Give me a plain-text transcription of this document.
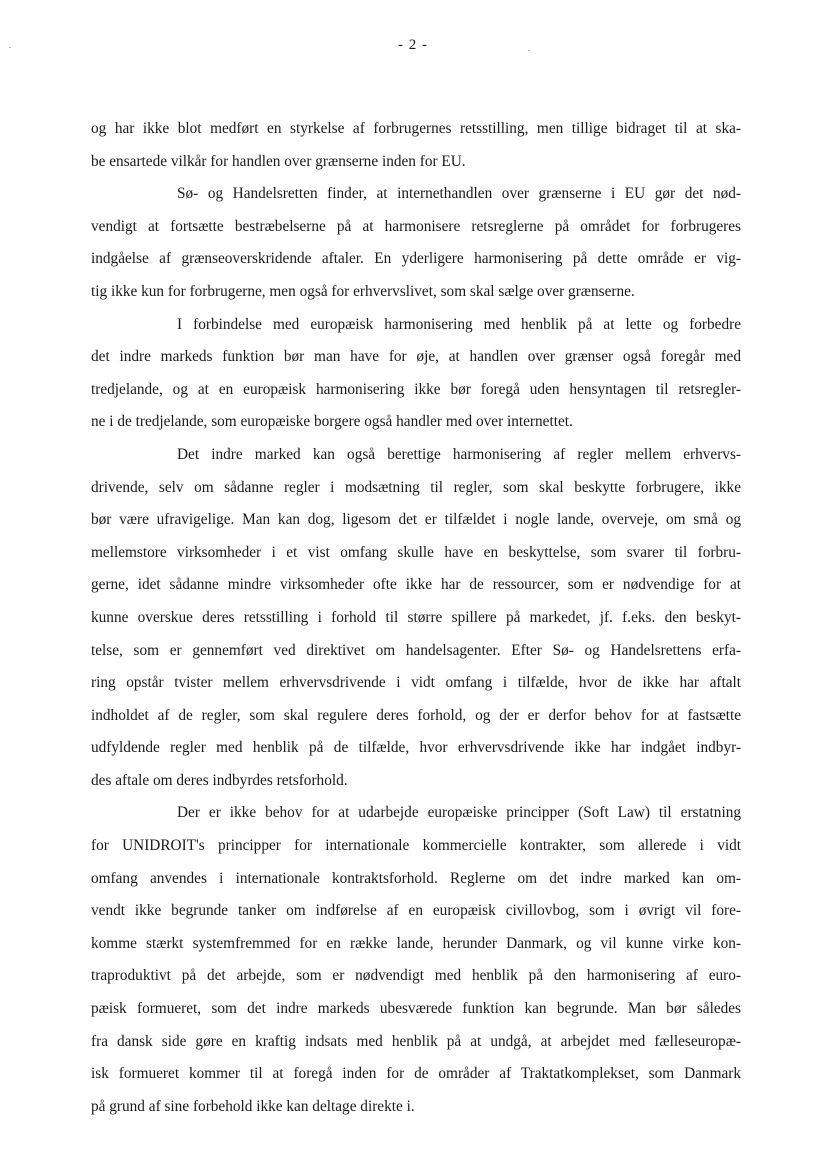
- 2 -
og har ikke blot medført en styrkelse af forbrugernes retsstilling, men tillige bidraget til at ska-
be ensartede vilkår for handlen over grænserne inden for EU.
Sø- og Handelsretten finder, at internethandlen over grænserne i EU gør det nød-
vendigt at fortsætte bestræbelserne på at harmonisere retsreglerne på området for forbrugeres
indgåelse af grænseoverskridende aftaler. En yderligere harmonisering på dette område er vig-
tig ikke kun for forbrugerne, men også for erhvervslivet, som skal sælge over grænserne.
I forbindelse med europæisk harmonisering med henblik på at lette og forbedre
det indre markeds funktion bør man have for øje, at handlen over grænser også foregår med
tredjelande, og at en europæisk harmonisering ikke bør foregå uden hensyntagen til retsregler-
ne i de tredjelande, som europæiske borgere også handler med over internettet.
Det indre marked kan også berettige harmonisering af regler mellem erhvervs-
drivende, selv om sådanne regler i modsætning til regler, som skal beskytte forbrugere, ikke
bør være ufravigelige. Man kan dog, ligesom det er tilfældet i nogle lande, overveje, om små og
mellemstore virksomheder i et vist omfang skulle have en beskyttelse, som svarer til forbru-
gerne, idet sådanne mindre virksomheder ofte ikke har de ressourcer, som er nødvendige for at
kunne overskue deres retsstilling i forhold til større spillere på markedet, jf. f.eks. den beskyt-
telse, som er gennemført ved direktivet om handelsagenter. Efter Sø- og Handelsrettens erfa-
ring opstår tvister mellem erhvervsdrivende i vidt omfang i tilfælde, hvor de ikke har aftalt
indholdet af de regler, som skal regulere deres forhold, og der er derfor behov for at fastsætte
udfyldende regler med henblik på de tilfælde, hvor erhvervsdrivende ikke har indgået indbyr-
des aftale om deres indbyrdes retsforhold.
Der er ikke behov for at udarbejde europæiske principper (Soft Law) til erstatning
for UNIDROIT's principper for internationale kommercielle kontrakter, som allerede i vidt
omfang anvendes i internationale kontraktsforhold. Reglerne om det indre marked kan om-
vendt ikke begrunde tanker om indførelse af en europæisk civillovbog, som i øvrigt vil fore-
komme stærkt systemfremmed for en række lande, herunder Danmark, og vil kunne virke kon-
traproduktivt på det arbejde, som er nødvendigt med henblik på den harmonisering af euro-
pæisk formueret, som det indre markeds ubesværede funktion kan begrunde. Man bør således
fra dansk side gøre en kraftig indsats med henblik på at undgå, at arbejdet med fælleseuropæ-
isk formueret kommer til at foregå inden for de områder af Traktatkomplekset, som Danmark
på grund af sine forbehold ikke kan deltage direkte i.
